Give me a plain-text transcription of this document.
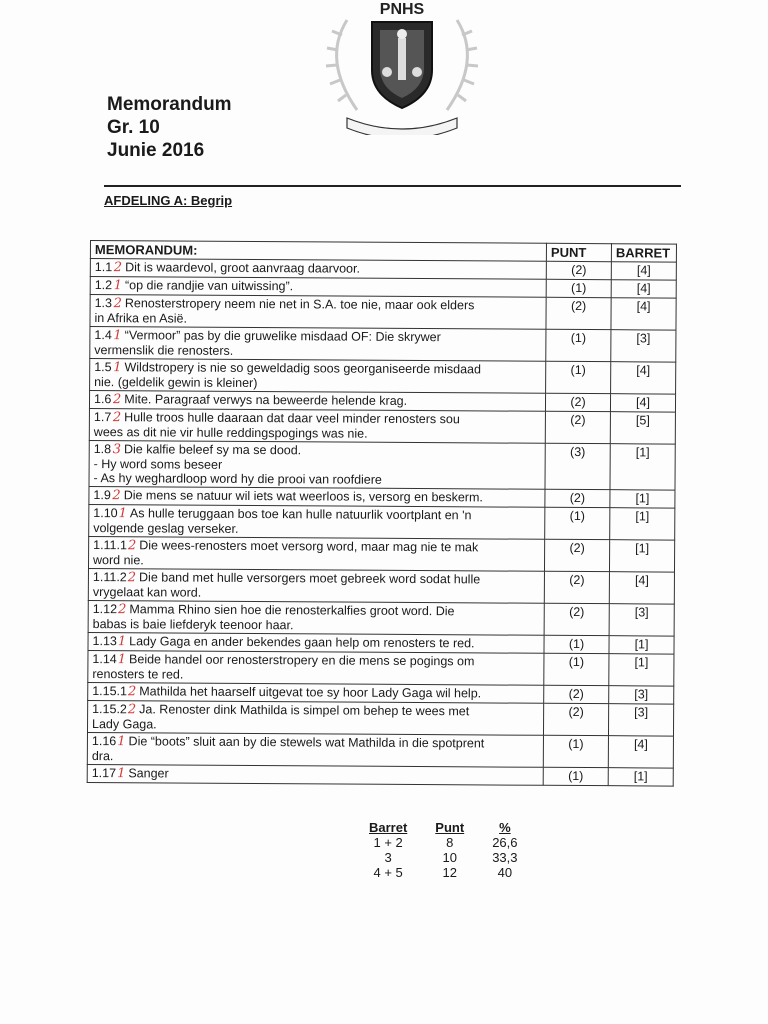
PNHS
Memorandum
Gr. 10
Junie 2016
AFDELING A: Begrip
MEMORANDUM:	PUNT	BARRET
1.1 2 Dit is waardevol, groot aanvraag daarvoor.	(2)	[4]
1.2 1 “op die randjie van uitwissing”.	(1)	[4]
1.3 2 Renosterstropery neem nie net in S.A. toe nie, maar ook elders
in Afrika en Asië.	(2)	[4]
1.4 1 “Vermoor” pas by die gruwelike misdaad OF: Die skrywer
vermenslik die renosters.	(1)	[3]
1.5 1 Wildstropery is nie so geweldadig soos georganiseerde misdaad
nie. (geldelik gewin is kleiner)	(1)	[4]
1.6 2 Mite. Paragraaf verwys na beweerde helende krag.	(2)	[4]
1.7 2 Hulle troos hulle daaraan dat daar veel minder renosters sou
wees as dit nie vir hulle reddingspogings was nie.	(2)	[5]
1.8 3 Die kalfie beleef sy ma se dood.
- Hy word soms beseer
- As hy weghardloop word hy die prooi van roofdiere	(3)	[1]
1.9 2 Die mens se natuur wil iets wat weerloos is, versorg en beskerm.	(2)	[1]
1.101 As hulle teruggaan bos toe kan hulle natuurlik voortplant en 'n
volgende geslag verseker.	(1)	[1]
1.11.12 Die wees-renosters moet versorg word, maar mag nie te mak
word nie.	(2)	[1]
1.11.22 Die band met hulle versorgers moet gebreek word sodat hulle
vrygelaat kan word.	(2)	[4]
1.122 Mamma Rhino sien hoe die renosterkalfies groot word. Die
babas is baie liefderyk teenoor haar.	(2)	[3]
1.131 Lady Gaga en ander bekendes gaan help om renosters te red.	(1)	[1]
1.141 Beide handel oor renosterstropery en die mens se pogings om
renosters te red.	(1)	[1]
1.15.12 Mathilda het haarself uitgevat toe sy hoor Lady Gaga wil help.	(2)	[3]
1.15.22 Ja. Renoster dink Mathilda is simpel om behep te wees met
Lady Gaga.	(2)	[3]
1.161 Die “boots” sluit aan by die stewels wat Mathilda in die spotprent
dra.	(1)	[4]
1.171 Sanger	(1)	[1]
Barret	Punt	%
1 + 2	8	26,6
3	10	33,3
4 + 5	12	40
